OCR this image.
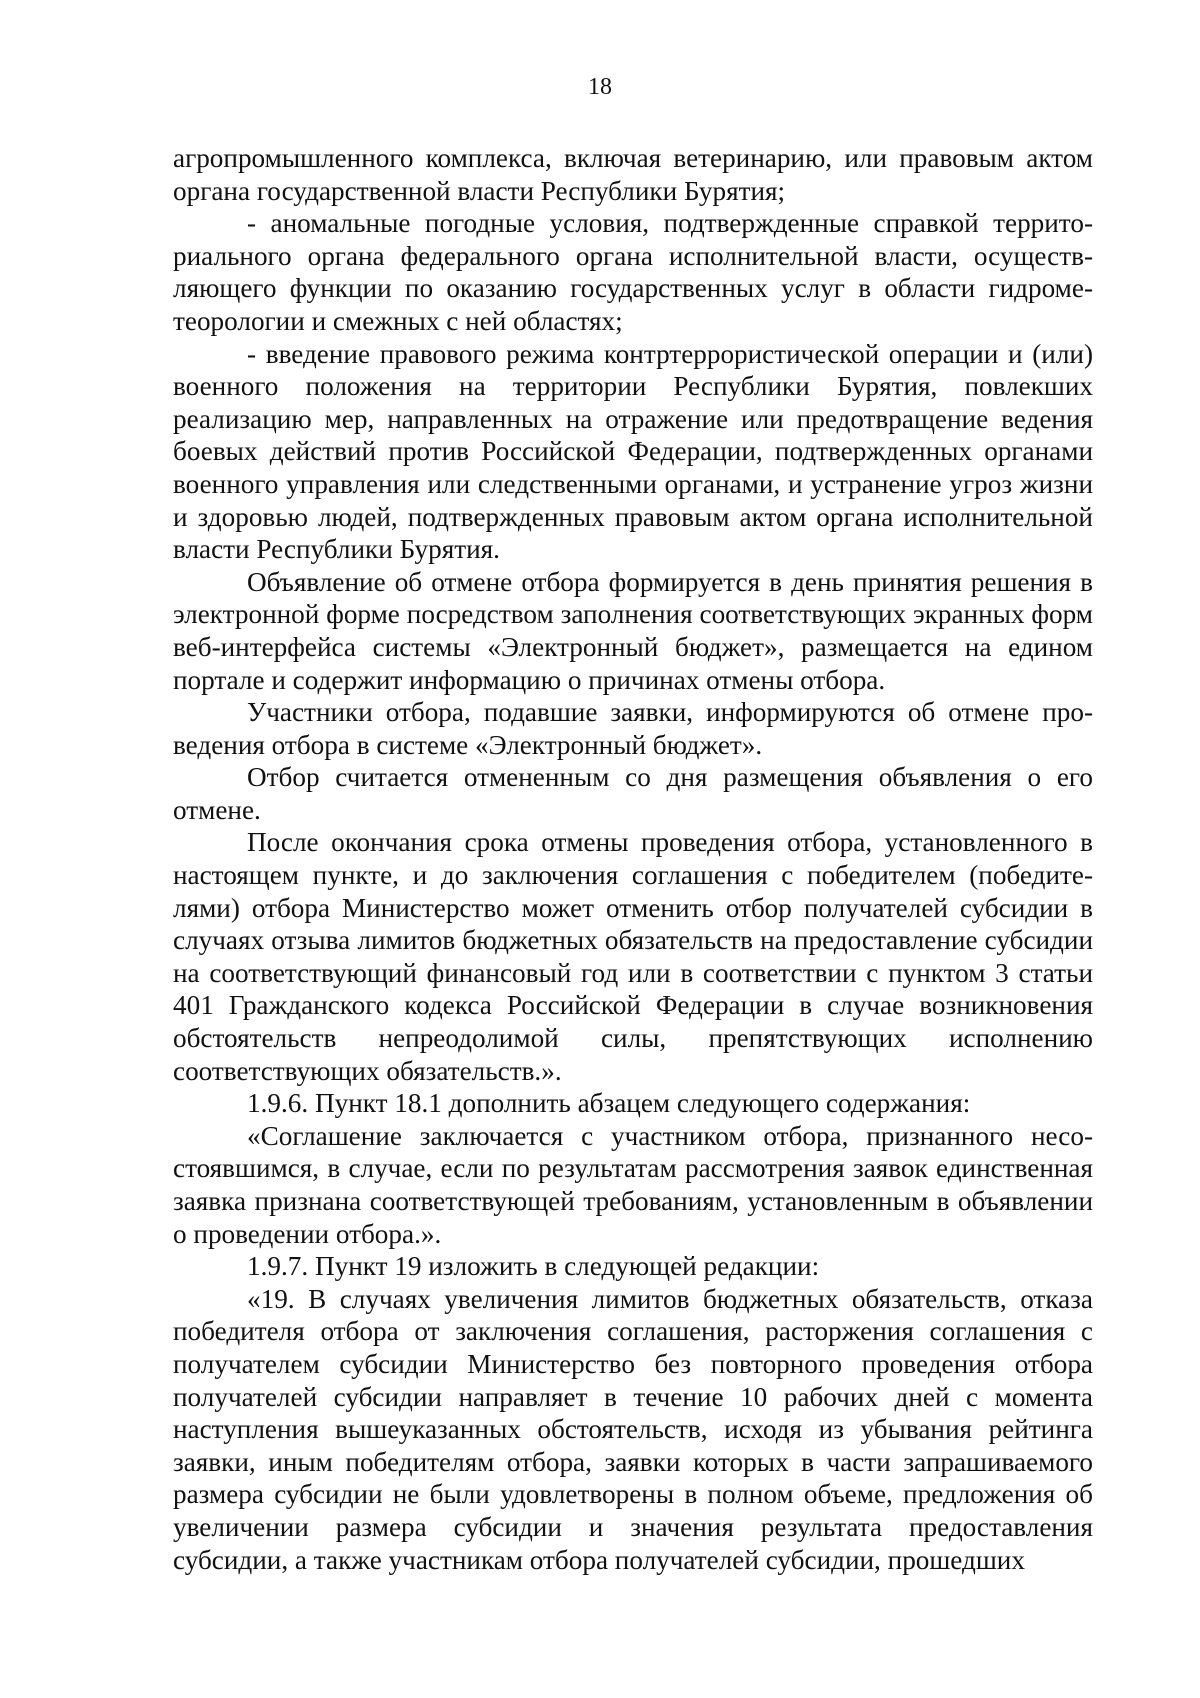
18

агропромышленного комплекса, включая ветеринарию, или правовым актом органа государственной власти Республики Бурятия;

- аномальные погодные условия, подтвержденные справкой территориального органа федерального органа исполнительной власти, осуществляющего функции по оказанию государственных услуг в области гидрометеорологии и смежных с ней областях;

- введение правового режима контртеррористической операции и (или) военного положения на территории Республики Бурятия, повлекших реализацию мер, направленных на отражение или предотвращение ведения боевых действий против Российской Федерации, подтвержденных органами военного управления или следственными органами, и устранение угроз жизни и здоровью людей, подтвержденных правовым актом органа исполнительной власти Республики Бурятия.

Объявление об отмене отбора формируется в день принятия решения в электронной форме посредством заполнения соответствующих экранных форм веб-интерфейса системы «Электронный бюджет», размещается на едином портале и содержит информацию о причинах отмены отбора.

Участники отбора, подавшие заявки, информируются об отмене проведения отбора в системе «Электронный бюджет».

Отбор считается отмененным со дня размещения объявления о его отмене.

После окончания срока отмены проведения отбора, установленного в настоящем пункте, и до заключения соглашения с победителем (победителями) отбора Министерство может отменить отбор получателей субсидии в случаях отзыва лимитов бюджетных обязательств на предоставление субсидии на соответствующий финансовый год или в соответствии с пунктом 3 статьи 401 Гражданского кодекса Российской Федерации в случае возникновения обстоятельств непреодолимой силы, препятствующих исполнению соответствующих обязательств.».

1.9.6. Пункт 18.1 дополнить абзацем следующего содержания:

«Соглашение заключается с участником отбора, признанного несостоявшимся, в случае, если по результатам рассмотрения заявок единственная заявка признана соответствующей требованиям, установленным в объявлении о проведении отбора.».

1.9.7. Пункт 19 изложить в следующей редакции:

«19. В случаях увеличения лимитов бюджетных обязательств, отказа победителя отбора от заключения соглашения, расторжения соглашения с получателем субсидии Министерство без повторного проведения отбора получателей субсидии направляет в течение 10 рабочих дней с момента наступления вышеуказанных обстоятельств, исходя из убывания рейтинга заявки, иным победителям отбора, заявки которых в части запрашиваемого размера субсидии не были удовлетворены в полном объеме, предложения об увеличении размера субсидии и значения результата предоставления субсидии, а также участникам отбора получателей субсидии, прошедших
